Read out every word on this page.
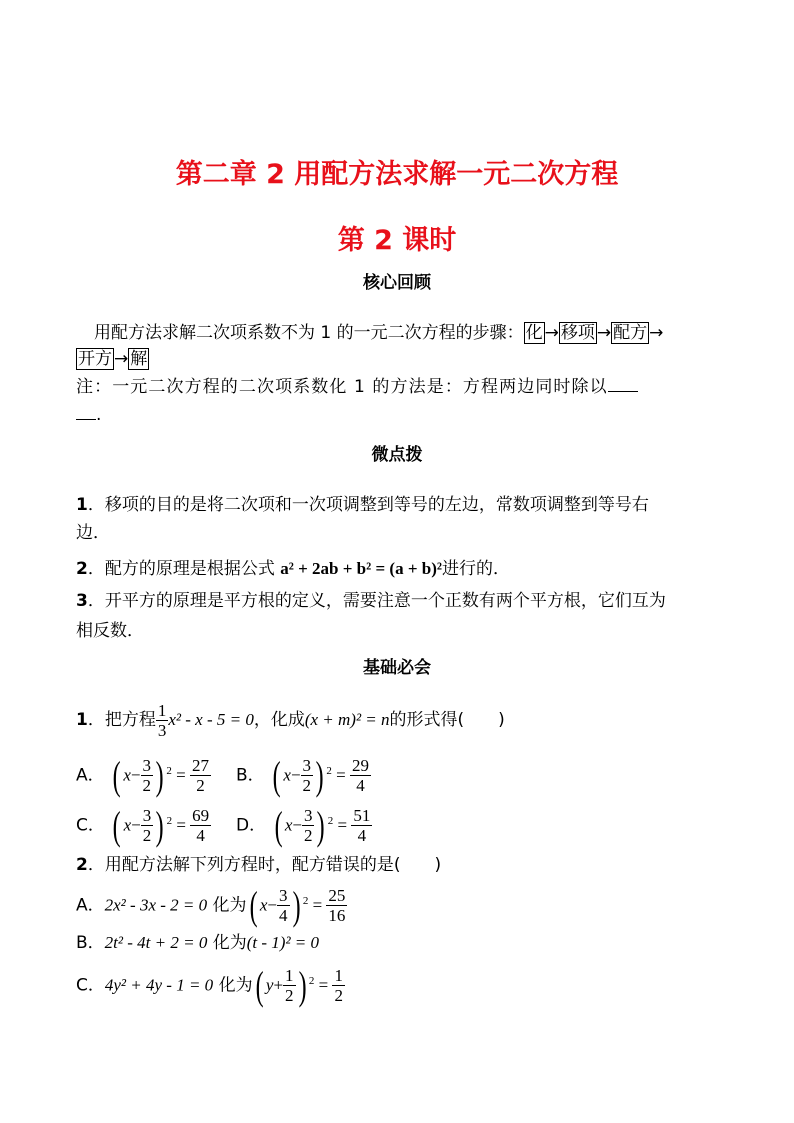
第二章 2 用配方法求解一元二次方程
第 2 课时
核心回顾
用配方法求解二次项系数不为 1 的一元二次方程的步骤： 化 → 移项 → 配方 →
开方 → 解
注：一元二次方程的二次项系数化 1 的方法是：方程两边同时除以
.
微点拨
1．移项的目的是将二次项和一次项调整到等号的左边，常数项调整到等号右
边．
2．配方的原理是根据公式 a² + 2ab + b² = (a + b)²进行的．
3．开平方的原理是平方根的定义，需要注意一个正数有两个平方根，它们互为
相反数．
基础必会
1．把方程 $\frac{1}{3} x^2 - x - 5 = 0$，化成(x + m)² = n的形式得( )
A． ( $x- \frac{3}{2}$ ) $^2 = \frac{27}{2}$ B． ( $x- \frac{3}{2}$ ) $^2 = \frac{29}{4}$
C． ( $x- \frac{3}{2}$ ) $^2 = \frac{69}{4}$ D． ( $x- \frac{3}{2}$ ) $^2 = \frac{51}{4}$
2．用配方法解下列方程时，配方错误的是( )
A．2x² - 3x - 2 = 0 化为( $x- \frac{3}{4}$ ) $^2 = \frac{25}{16}$
B．2t² - 4t + 2 = 0 化为(t - 1)² = 0
C．4y² + 4y - 1 = 0 化为( $y+ \frac{1}{2}$ ) $^2 = \frac{1}{2}$
